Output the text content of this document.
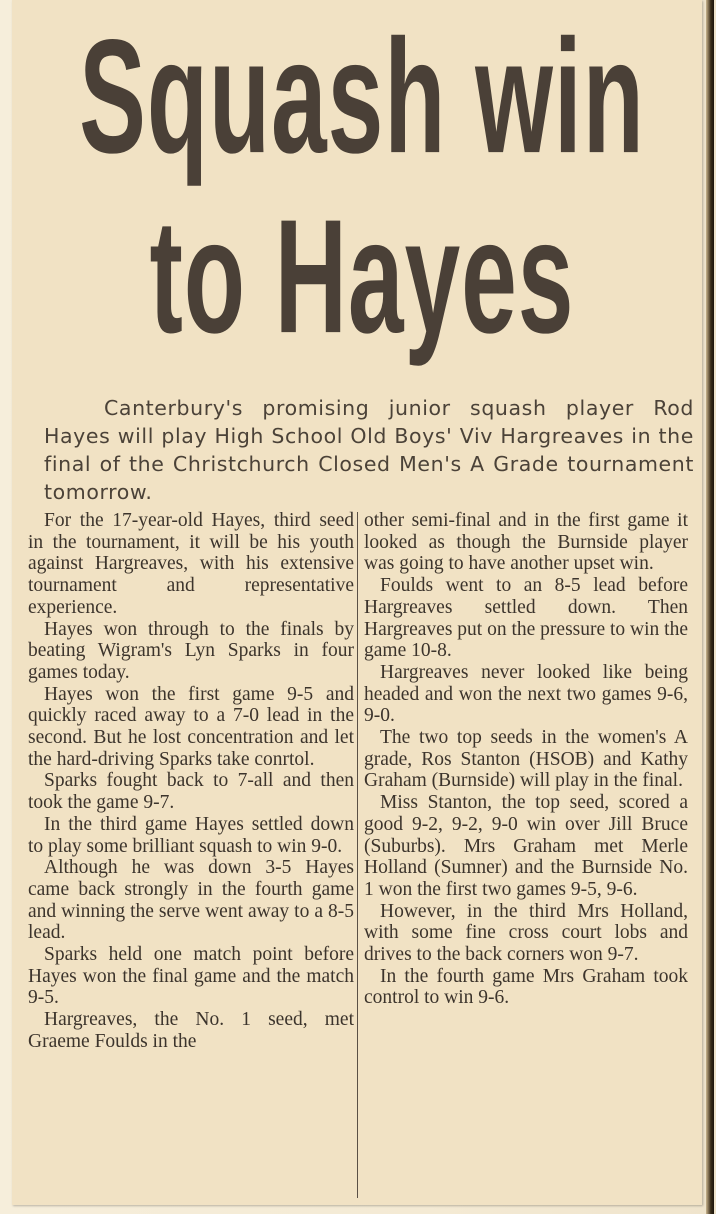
Squash win
to Hayes
Canterbury's promising junior squash player Rod Hayes will play High School Old Boys' Viv Hargreaves in the final of the Christchurch Closed Men's A Grade tournament tomorrow.

For the 17-year-old Hayes, third seed in the tournament, it will be his youth against Hargreaves, with his extensive tournament and representative experience.

Hayes won through to the finals by beating Wigram's Lyn Sparks in four games today.

Hayes won the first game 9-5 and quickly raced away to a 7-0 lead in the second. But he lost concentration and let the hard-driving Sparks take conrtol.

Sparks fought back to 7-all and then took the game 9-7.

In the third game Hayes settled down to play some brilliant squash to win 9-0.

Although he was down 3-5 Hayes came back strongly in the fourth game and winning the serve went away to a 8-5 lead.

Sparks held one match point before Hayes won the final game and the match 9-5.

Hargreaves, the No. 1 seed, met Graeme Foulds in the

other semi-final and in the first game it looked as though the Burnside player was going to have another upset win.

Foulds went to an 8-5 lead before Hargreaves settled down. Then Hargreaves put on the pressure to win the game 10-8.

Hargreaves never looked like being headed and won the next two games 9-6, 9-0.

The two top seeds in the women's A grade, Ros Stanton (HSOB) and Kathy Graham (Burnside) will play in the final.

Miss Stanton, the top seed, scored a good 9-2, 9-2, 9-0 win over Jill Bruce (Suburbs). Mrs Graham met Merle Holland (Sumner) and the Burnside No. 1 won the first two games 9-5, 9-6.

However, in the third Mrs Holland, with some fine cross court lobs and drives to the back corners won 9-7.

In the fourth game Mrs Graham took control to win 9-6.
